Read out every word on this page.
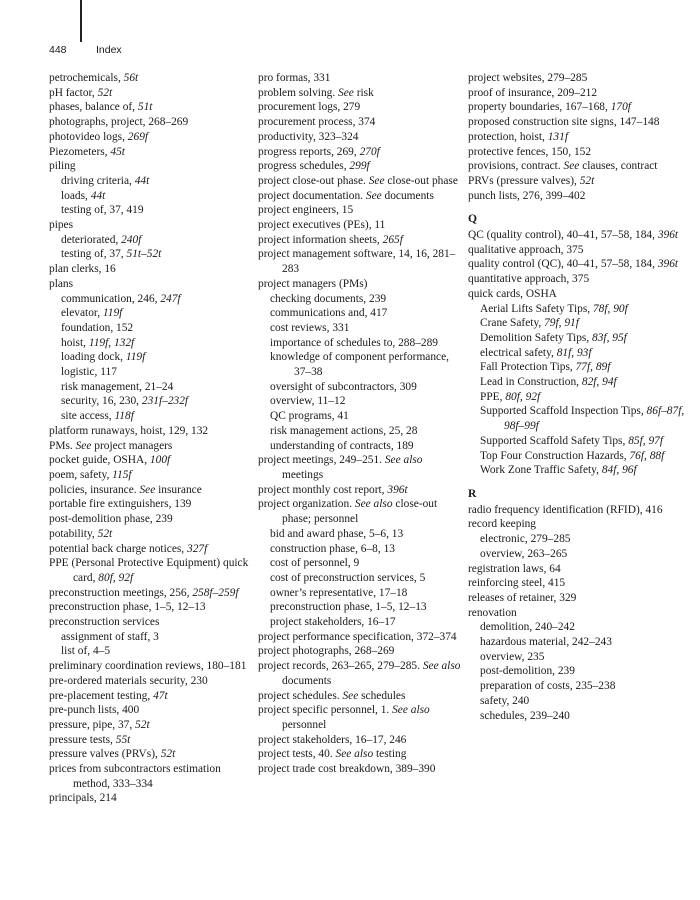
448	Index

petrochemicals, 56t

pH factor, 52t

phases, balance of, 51t

photographs, project, 268–269

photovideo logs, 269f

Piezometers, 45t

piling

driving criteria, 44t

loads, 44t

testing of, 37, 419

pipes

deteriorated, 240f

testing of, 37, 51t–52t

plan clerks, 16

plans

communication, 246, 247f

elevator, 119f

foundation, 152

hoist, 119f, 132f

loading dock, 119f

logistic, 117

risk management, 21–24

security, 16, 230, 231f–232f

site access, 118f

platform runaways, hoist, 129, 132

PMs. See project managers

pocket guide, OSHA, 100f

poem, safety, 115f

policies, insurance. See insurance

portable fire extinguishers, 139

post-demolition phase, 239

potability, 52t

potential back charge notices, 327f

PPE (Personal Protective Equipment) quick card, 80f, 92f

preconstruction meetings, 256, 258f–259f

preconstruction phase, 1–5, 12–13

preconstruction services

assignment of staff, 3

list of, 4–5

preliminary coordination reviews, 180–181

pre-ordered materials security, 230

pre-placement testing, 47t

pre-punch lists, 400

pressure, pipe, 37, 52t

pressure tests, 55t

pressure valves (PRVs), 52t

prices from subcontractors estimation method, 333–334

principals, 214

pro formas, 331

problem solving. See risk

procurement logs, 279

procurement process, 374

productivity, 323–324

progress reports, 269, 270f

progress schedules, 299f

project close-out phase. See close-out phase

project documentation. See documents

project engineers, 15

project executives (PEs), 11

project information sheets, 265f

project management software, 14, 16, 281–283

project managers (PMs)

checking documents, 239

communications and, 417

cost reviews, 331

importance of schedules to, 288–289

knowledge of component performance, 37–38

oversight of subcontractors, 309

overview, 11–12

QC programs, 41

risk management actions, 25, 28

understanding of contracts, 189

project meetings, 249–251. See also meetings

project monthly cost report, 396t

project organization. See also close-out phase; personnel

bid and award phase, 5–6, 13

construction phase, 6–8, 13

cost of personnel, 9

cost of preconstruction services, 5

owner’s representative, 17–18

preconstruction phase, 1–5, 12–13

project stakeholders, 16–17

project performance specification, 372–374

project photographs, 268–269

project records, 263–265, 279–285. See also documents

project schedules. See schedules

project specific personnel, 1. See also personnel

project stakeholders, 16–17, 246

project tests, 40. See also testing

project trade cost breakdown, 389–390

project websites, 279–285

proof of insurance, 209–212

property boundaries, 167–168, 170f

proposed construction site signs, 147–148

protection, hoist, 131f

protective fences, 150, 152

provisions, contract. See clauses, contract

PRVs (pressure valves), 52t

punch lists, 276, 399–402

Q

QC (quality control), 40–41, 57–58, 184, 396t

qualitative approach, 375

quality control (QC), 40–41, 57–58, 184, 396t

quantitative approach, 375

quick cards, OSHA

Aerial Lifts Safety Tips, 78f, 90f

Crane Safety, 79f, 91f

Demolition Safety Tips, 83f, 95f

electrical safety, 81f, 93f

Fall Protection Tips, 77f, 89f

Lead in Construction, 82f, 94f

PPE, 80f, 92f

Supported Scaffold Inspection Tips, 86f–87f, 98f–99f

Supported Scaffold Safety Tips, 85f, 97f

Top Four Construction Hazards, 76f, 88f

Work Zone Traffic Safety, 84f, 96f

R

radio frequency identification (RFID), 416

record keeping

electronic, 279–285

overview, 263–265

registration laws, 64

reinforcing steel, 415

releases of retainer, 329

renovation

demolition, 240–242

hazardous material, 242–243

overview, 235

post-demolition, 239

preparation of costs, 235–238

safety, 240

schedules, 239–240
